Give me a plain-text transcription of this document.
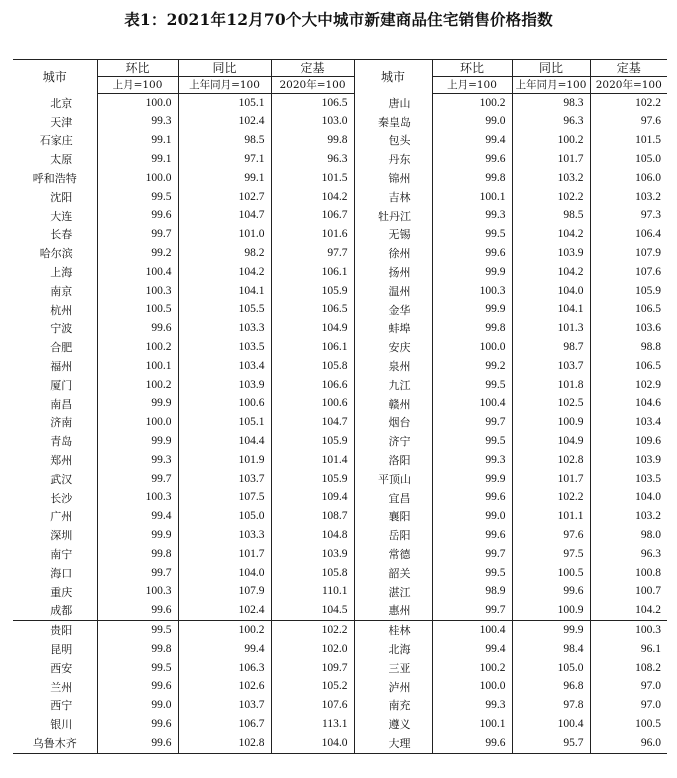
表1：2021年12月70个大中城市新建商品住宅销售价格指数
城市	环比	同比	定基	城市	环比	同比	定基
	上月=100	上年同月=100	2020年=100		上月=100	上年同月=100	2020年=100
北京	100.0	105.1	106.5	唐山	100.2	98.3	102.2
天津	99.3	102.4	103.0	秦皇岛	99.0	96.3	97.6
石家庄	99.1	98.5	99.8	包头	99.4	100.2	101.5
太原	99.1	97.1	96.3	丹东	99.6	101.7	105.0
呼和浩特	100.0	99.1	101.5	锦州	99.8	103.2	106.0
沈阳	99.5	102.7	104.2	吉林	100.1	102.2	103.2
大连	99.6	104.7	106.7	牡丹江	99.3	98.5	97.3
长春	99.7	101.0	101.6	无锡	99.5	104.2	106.4
哈尔滨	99.2	98.2	97.7	徐州	99.6	103.9	107.9
上海	100.4	104.2	106.1	扬州	99.9	104.2	107.6
南京	100.3	104.1	105.9	温州	100.3	104.0	105.9
杭州	100.5	105.5	106.5	金华	99.9	104.1	106.5
宁波	99.6	103.3	104.9	蚌埠	99.8	101.3	103.6
合肥	100.2	103.5	106.1	安庆	100.0	98.7	98.8
福州	100.1	103.4	105.8	泉州	99.2	103.7	106.5
厦门	100.2	103.9	106.6	九江	99.5	101.8	102.9
南昌	99.9	100.6	100.6	赣州	100.4	102.5	104.6
济南	100.0	105.1	104.7	烟台	99.7	100.9	103.4
青岛	99.9	104.4	105.9	济宁	99.5	104.9	109.6
郑州	99.3	101.9	101.4	洛阳	99.3	102.8	103.9
武汉	99.7	103.7	105.9	平顶山	99.9	101.7	103.5
长沙	100.3	107.5	109.4	宜昌	99.6	102.2	104.0
广州	99.4	105.0	108.7	襄阳	99.0	101.1	103.2
深圳	99.9	103.3	104.8	岳阳	99.6	97.6	98.0
南宁	99.8	101.7	103.9	常德	99.7	97.5	96.3
海口	99.7	104.0	105.8	韶关	99.5	100.5	100.8
重庆	100.3	107.9	110.1	湛江	98.9	99.6	100.7
成都	99.6	102.4	104.5	惠州	99.7	100.9	104.2
贵阳	99.5	100.2	102.2	桂林	100.4	99.9	100.3
昆明	99.8	99.4	102.0	北海	99.4	98.4	96.1
西安	99.5	106.3	109.7	三亚	100.2	105.0	108.2
兰州	99.6	102.6	105.2	泸州	100.0	96.8	97.0
西宁	99.0	103.7	107.6	南充	99.3	97.8	97.0
银川	99.6	106.7	113.1	遵义	100.1	100.4	100.5
乌鲁木齐	99.6	102.8	104.0	大理	99.6	95.7	96.0
